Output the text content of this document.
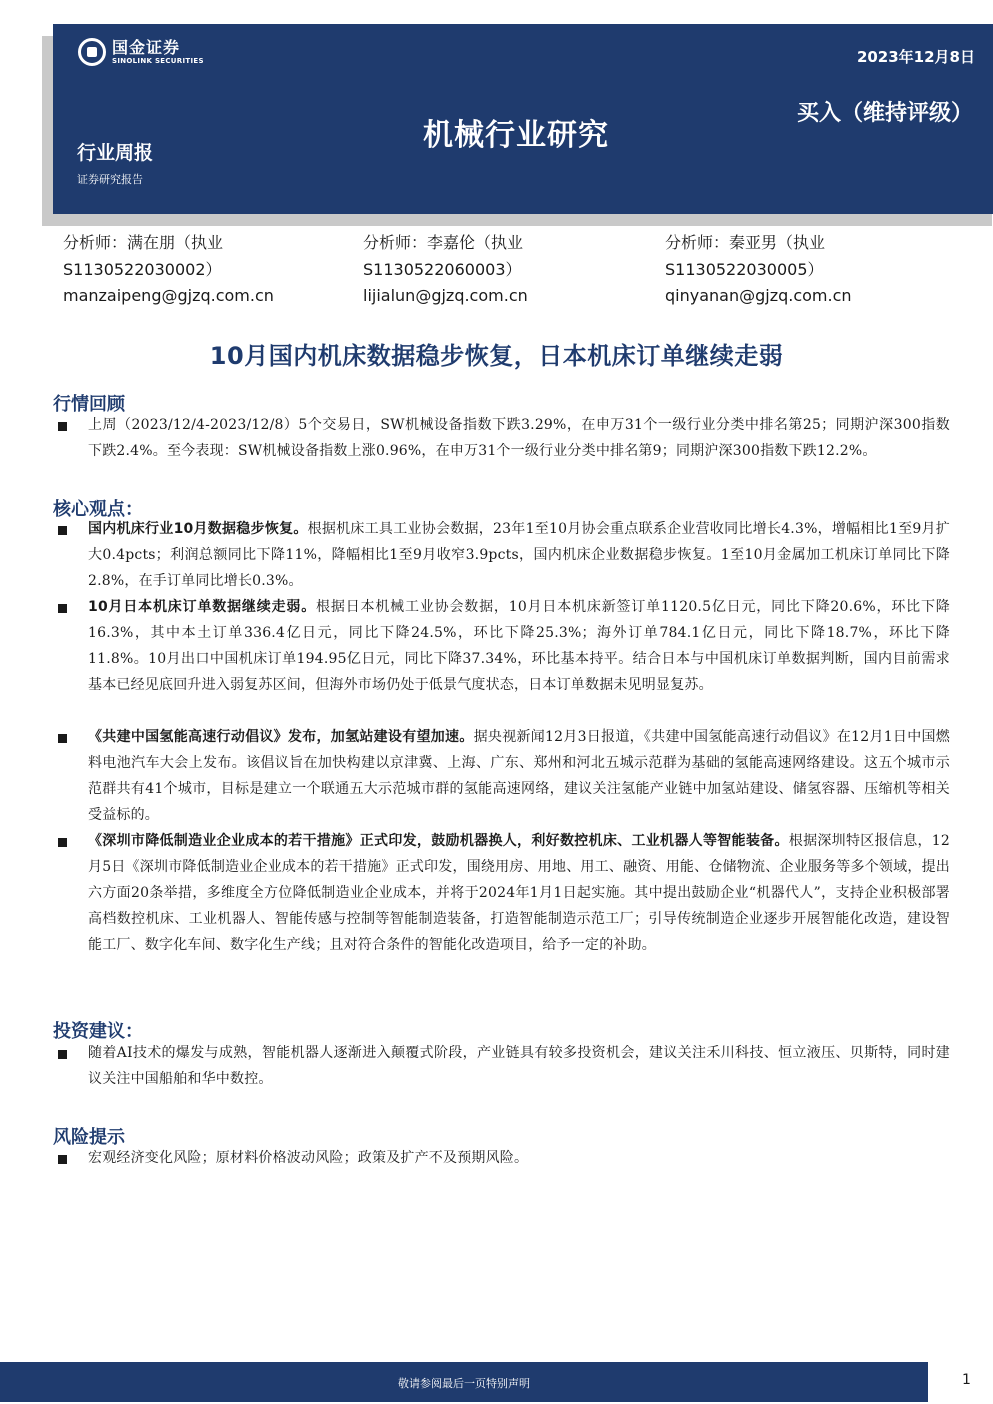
国金证券
SINOLINK SECURITIES	2023年12月8日
买入（维持评级）
机械行业研究
行业周报
证券研究报告
分析师：满在朋（执业
S1130522030002）
manzaipeng@gjzq.com.cn
分析师：李嘉伦（执业
S1130522060003）
lijialun@gjzq.com.cn
分析师：秦亚男（执业
S1130522030005）
qinyanan@gjzq.com.cn
10月国内机床数据稳步恢复，日本机床订单继续走弱
行情回顾
上周（2023/12/4-2023/12/8）5个交易日，SW机械设备指数下跌3.29%，在申万31个一级行业分类中排名第25；同期沪深300指数下跌2.4%。至今表现：SW机械设备指数上涨0.96%，在申万31个一级行业分类中排名第9；同期沪深300指数下跌12.2%。
核心观点：
国内机床行业10月数据稳步恢复。根据机床工具工业协会数据，23年1至10月协会重点联系企业营收同比增长4.3%，增幅相比1至9月扩大0.4pcts；利润总额同比下降11%，降幅相比1至9月收窄3.9pcts，国内机床企业数据稳步恢复。1至10月金属加工机床订单同比下降2.8%，在手订单同比增长0.3%。
10月日本机床订单数据继续走弱。根据日本机械工业协会数据，10月日本机床新签订单1120.5亿日元，同比下降20.6%，环比下降16.3%，其中本土订单336.4亿日元，同比下降24.5%，环比下降25.3%；海外订单784.1亿日元，同比下降18.7%，环比下降11.8%。10月出口中国机床订单194.95亿日元，同比下降37.34%，环比基本持平。结合日本与中国机床订单数据判断，国内目前需求基本已经见底回升进入弱复苏区间，但海外市场仍处于低景气度状态，日本订单数据未见明显复苏。
《共建中国氢能高速行动倡议》发布，加氢站建设有望加速。据央视新闻12月3日报道，《共建中国氢能高速行动倡议》在12月1日中国燃料电池汽车大会上发布。该倡议旨在加快构建以京津冀、上海、广东、郑州和河北五城示范群为基础的氢能高速网络建设。这五个城市示范群共有41个城市，目标是建立一个联通五大示范城市群的氢能高速网络，建议关注氢能产业链中加氢站建设、储氢容器、压缩机等相关受益标的。
《深圳市降低制造业企业成本的若干措施》正式印发，鼓励机器换人，利好数控机床、工业机器人等智能装备。根据深圳特区报信息，12月5日《深圳市降低制造业企业成本的若干措施》正式印发，围绕用房、用地、用工、融资、用能、仓储物流、企业服务等多个领域，提出六方面20条举措，多维度全方位降低制造业企业成本，并将于2024年1月1日起实施。其中提出鼓励企业“机器代人”，支持企业积极部署高档数控机床、工业机器人、智能传感与控制等智能制造装备，打造智能制造示范工厂；引导传统制造企业逐步开展智能化改造，建设智能工厂、数字化车间、数字化生产线；且对符合条件的智能化改造项目，给予一定的补助。
投资建议：
随着AI技术的爆发与成熟，智能机器人逐渐进入颠覆式阶段，产业链具有较多投资机会，建议关注禾川科技、恒立液压、贝斯特，同时建议关注中国船舶和华中数控。
风险提示
宏观经济变化风险；原材料价格波动风险；政策及扩产不及预期风险。
敬请参阅最后一页特别声明	1
